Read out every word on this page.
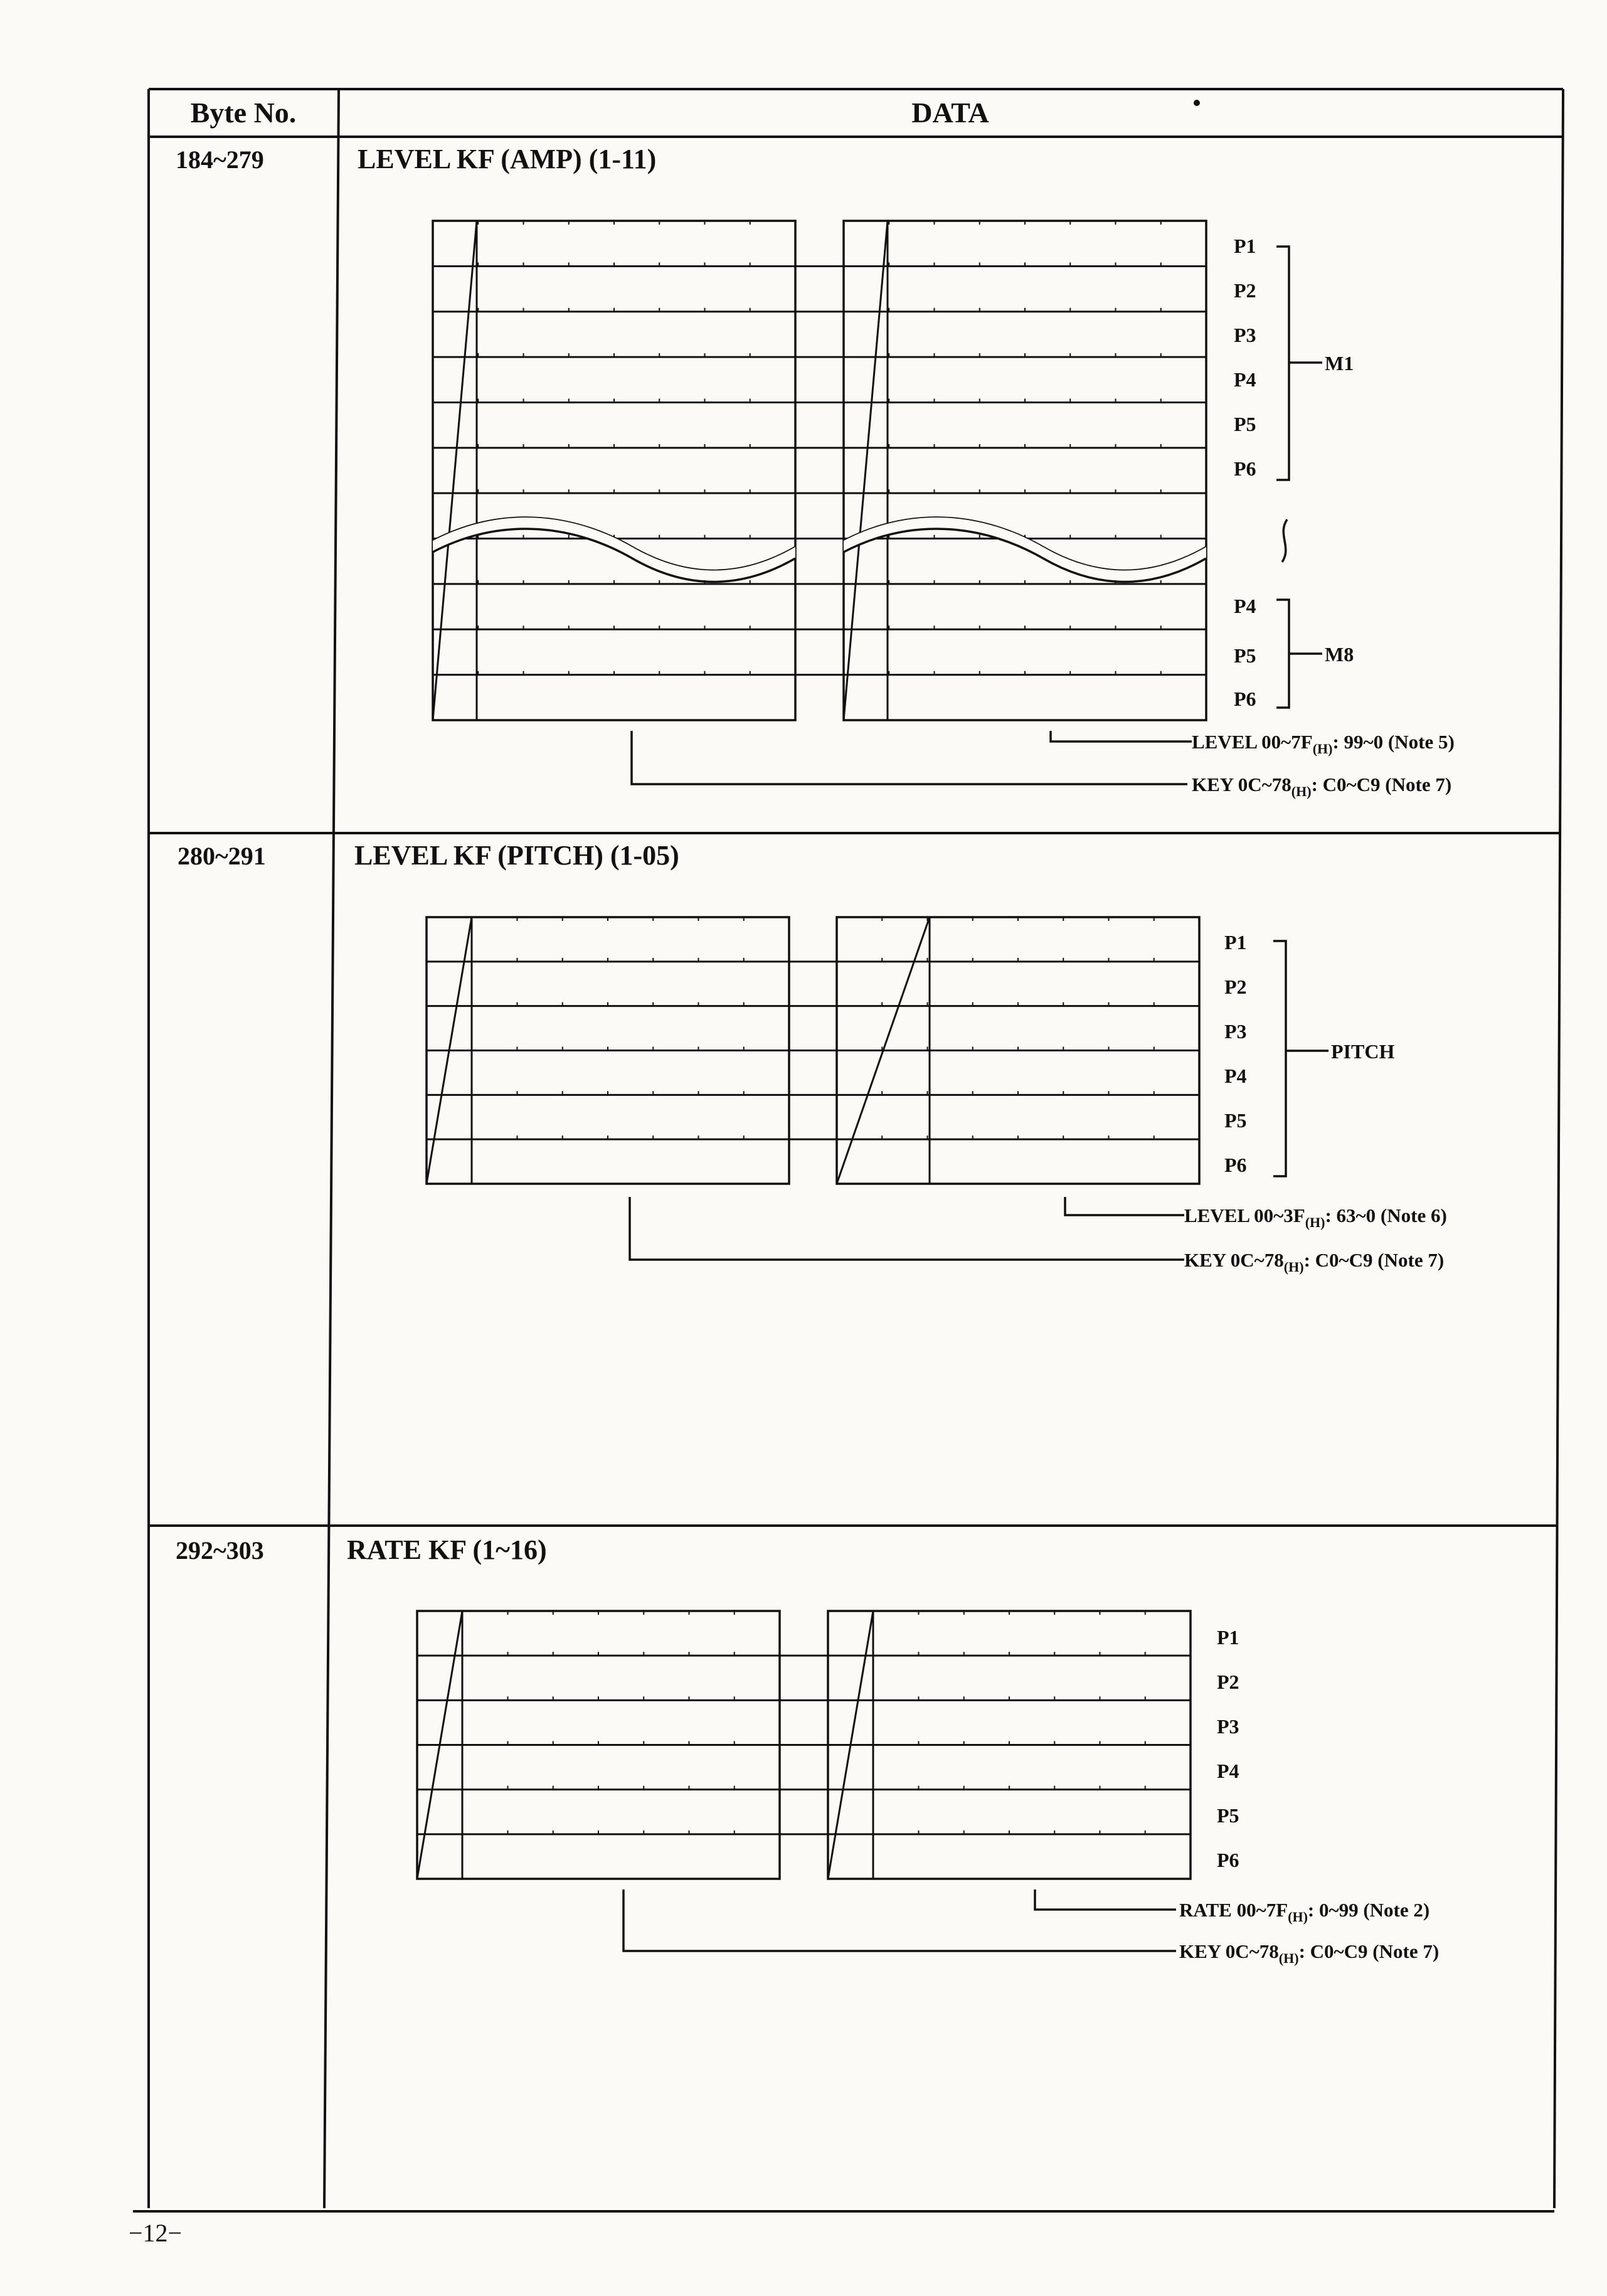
Byte No.	DATA
184~279	LEVEL KF (AMP) (1-11)
280~291	LEVEL KF (PITCH) (1-05)
292~303	RATE KF (1~16)
P1
P2
P3
P4
P5
P6
P4
P5
P6
M1
M8
LEVEL $00\sim 7F_{(H)}$: 99~0 (Note 5)
KEY $0C\sim 78_{(H)}$: C0~C9 (Note 7)
P1
P2
P3
P4
P5
P6
PITCH
LEVEL $00\sim 3F_{(H)}$: 63~0 (Note 6)
KEY $0C\sim 78_{(H)}$: C0~C9 (Note 7)
P1
P2
P3
P4
P5
P6
RATE $00\sim 7F_{(H)}$: 0~99 (Note 2)
KEY $0C\sim 78_{(H)}$: C0~C9 (Note 7)
−12−
